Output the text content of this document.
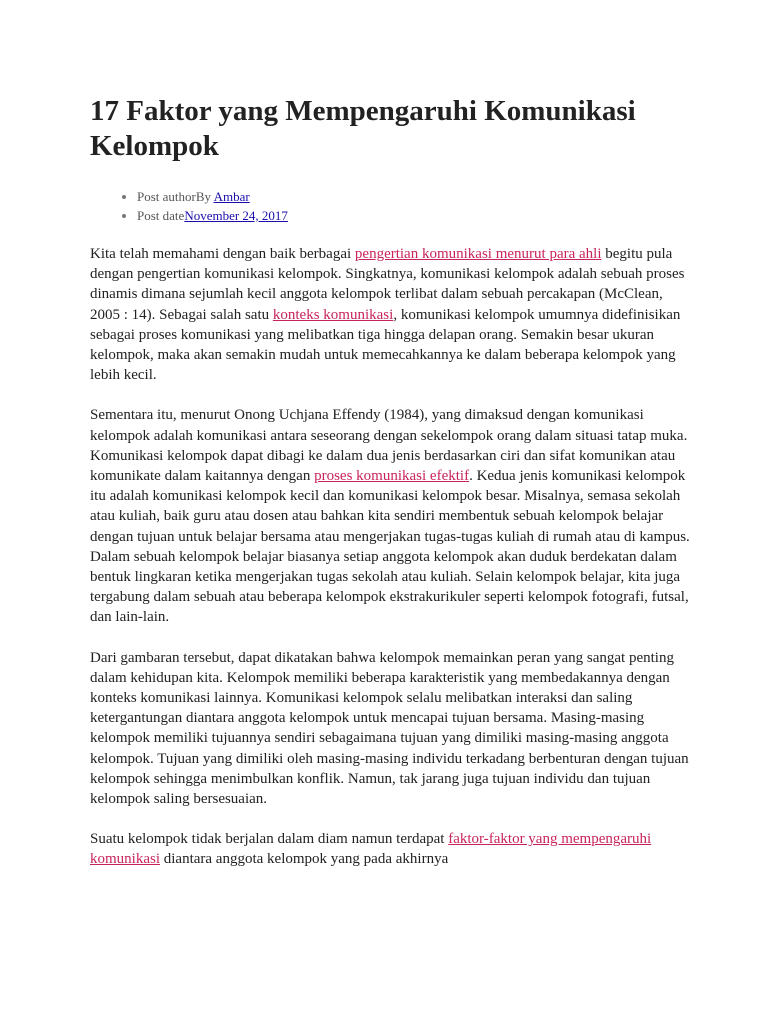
17 Faktor yang Mempengaruhi Komunikasi Kelompok
Post authorBy Ambar
Post dateNovember 24, 2017

Kita telah memahami dengan baik berbagai pengertian komunikasi menurut para ahli begitu pula dengan pengertian komunikasi kelompok. Singkatnya, komunikasi kelompok adalah sebuah proses dinamis dimana sejumlah kecil anggota kelompok terlibat dalam sebuah percakapan (McClean, 2005 : 14). Sebagai salah satu konteks komunikasi, komunikasi kelompok umumnya didefinisikan sebagai proses komunikasi yang melibatkan tiga hingga delapan orang. Semakin besar ukuran kelompok, maka akan semakin mudah untuk memecahkannya ke dalam beberapa kelompok yang lebih kecil.

Sementara itu, menurut Onong Uchjana Effendy (1984), yang dimaksud dengan komunikasi kelompok adalah komunikasi antara seseorang dengan sekelompok orang dalam situasi tatap muka. Komunikasi kelompok dapat dibagi ke dalam dua jenis berdasarkan ciri dan sifat komunikan atau komunikate dalam kaitannya dengan proses komunikasi efektif. Kedua jenis komunikasi kelompok itu adalah komunikasi kelompok kecil dan komunikasi kelompok besar. Misalnya, semasa sekolah atau kuliah, baik guru atau dosen atau bahkan kita sendiri membentuk sebuah kelompok belajar dengan tujuan untuk belajar bersama atau mengerjakan tugas-tugas kuliah di rumah atau di kampus. Dalam sebuah kelompok belajar biasanya setiap anggota kelompok akan duduk berdekatan dalam bentuk lingkaran ketika mengerjakan tugas sekolah atau kuliah. Selain kelompok belajar, kita juga tergabung dalam sebuah atau beberapa kelompok ekstrakurikuler seperti kelompok fotografi, futsal, dan lain-lain.

Dari gambaran tersebut, dapat dikatakan bahwa kelompok memainkan peran yang sangat penting dalam kehidupan kita. Kelompok memiliki beberapa karakteristik yang membedakannya dengan konteks komunikasi lainnya. Komunikasi kelompok selalu melibatkan interaksi dan saling ketergantungan diantara anggota kelompok untuk mencapai tujuan bersama. Masing-masing kelompok memiliki tujuannya sendiri sebagaimana tujuan yang dimiliki masing-masing anggota kelompok. Tujuan yang dimiliki oleh masing-masing individu terkadang berbenturan dengan tujuan kelompok sehingga menimbulkan konflik. Namun, tak jarang juga tujuan individu dan tujuan kelompok saling bersesuaian.

Suatu kelompok tidak berjalan dalam diam namun terdapat faktor-faktor yang mempengaruhi komunikasi diantara anggota kelompok yang pada akhirnya
